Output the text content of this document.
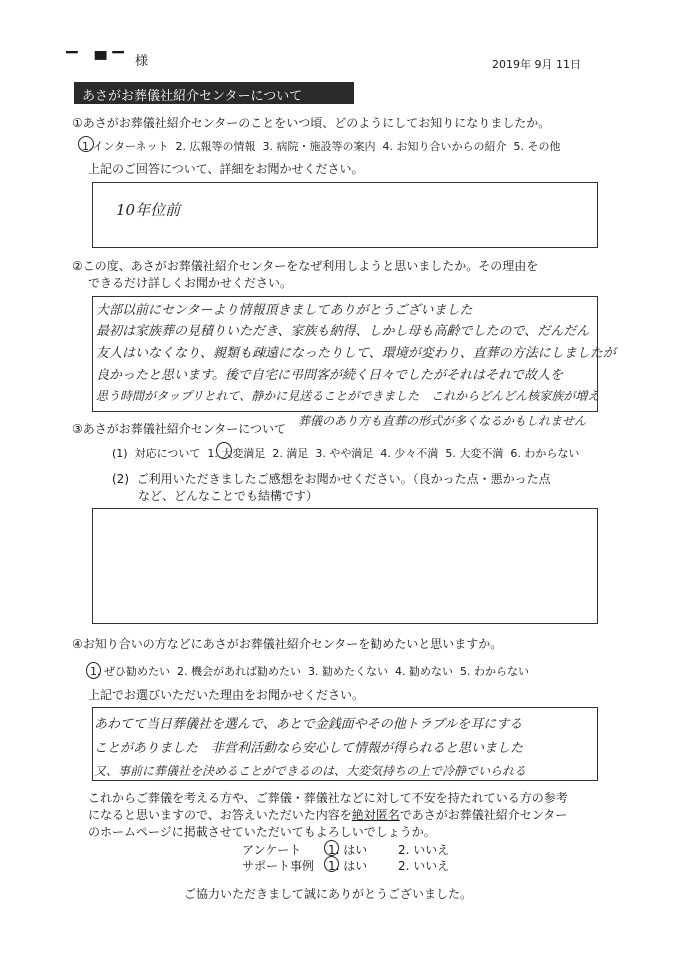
▔ ▀▔ 様	2019年 9月 11日
あさがお葬儀社紹介センターについて
①あさがお葬儀社紹介センターのことをいつ頃、どのようにしてお知りになりましたか。
1.インターネット 2. 広報等の情報 3. 病院・施設等の案内 4. お知り合いからの紹介 5. その他
上記のご回答について、詳細をお聞かせください。
10年位前
②この度、あさがお葬儀社紹介センターをなぜ利用しようと思いましたか。その理由を
できるだけ詳しくお聞かせください。
大部以前にセンターより情報頂きましてありがとうございました
最初は家族葬の見積りいただき、家族も納得、しかし母も高齢でしたので、だんだん
友人はいなくなり、親類も疎遠になったりして、環境が変わり、直葬の方法にしましたが
良かったと思います。後で自宅に弔問客が続く日々でしたがそれはそれで故人を
思う時間がタップリとれて、静かに見送ることができました　これからどんどん核家族が増え
③あさがお葬儀社紹介センターについて
葬儀のあり方も直葬の形式が多くなるかもしれません
(1) 対応について 1. 大変満足 2. 満足 3. やや満足 4. 少々不満 5. 大変不満 6. わからない
(2) ご利用いただきましたご感想をお聞かせください。（良かった点・悪かった点
など、どんなことでも結構です）
④お知り合いの方などにあさがお葬儀社紹介センターを勧めたいと思いますか。
1. ぜひ勧めたい 2. 機会があれば勧めたい 3. 勧めたくない 4. 勧めない 5. わからない
上記でお選びいただいた理由をお聞かせください。
あわてて当日葬儀社を選んで、あとで金銭面やその他トラブルを耳にする
ことがありました　非営利活動なら安心して情報が得られると思いました
又、事前に葬儀社を決めることができるのは、大変気持ちの上で冷静でいられる
これからご葬儀を考える方や、ご葬儀・葬儀社などに対して不安を持たれている方の参考
になると思いますので、お答えいただいた内容を絶対匿名であさがお葬儀社紹介センター
のホームページに掲載させていただいてもよろしいでしょうか。
アンケート 1. はい	2. いいえ
サポート事例 1. はい	2. いいえ
ご協力いただきまして誠にありがとうございました。
